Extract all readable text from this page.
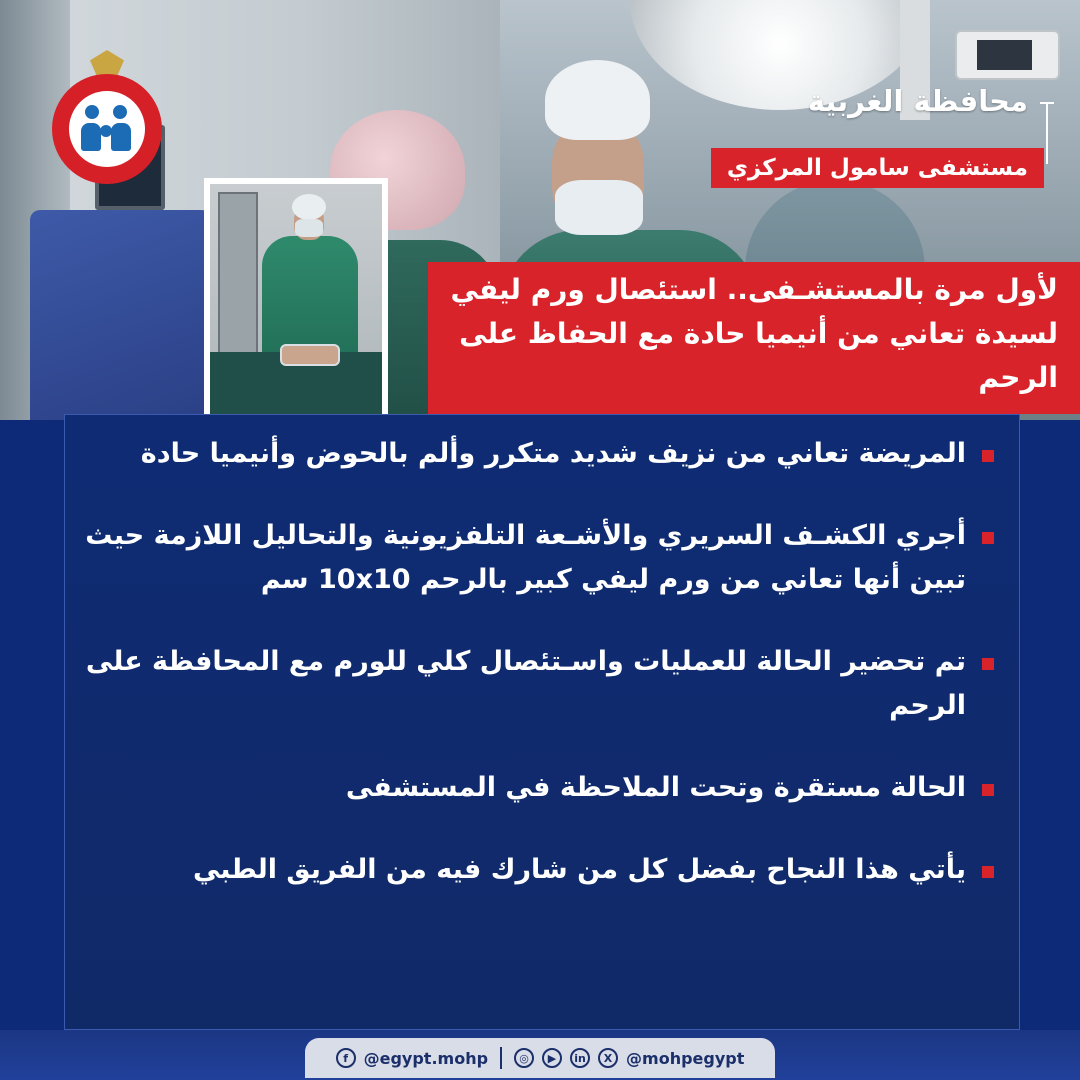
محافظة الغربية
مستشفى سامول المركزي
لأول مرة بالمستشـفى.. استئصال ورم ليفي لسيدة تعاني من أنيميا حادة مع الحفاظ على الرحم
المريضة تعاني من نزيف شديد متكرر وألم بالحوض وأنيميا حادة
أجري الكشـف السريري والأشـعة التلفزيونية والتحاليل اللازمة حيث تبين أنها تعاني من ورم ليفي كبير بالرحم 10x10 سم
تم تحضير الحالة للعمليات واسـتئصال كلي للورم مع المحافظة على الرحم
الحالة مستقرة وتحت الملاحظة في المستشفى
يأتي هذا النجاح بفضل كل من شارك فيه من الفريق الطبي
f @egypt.mohp	◎	▶	in	X @mohpegypt
